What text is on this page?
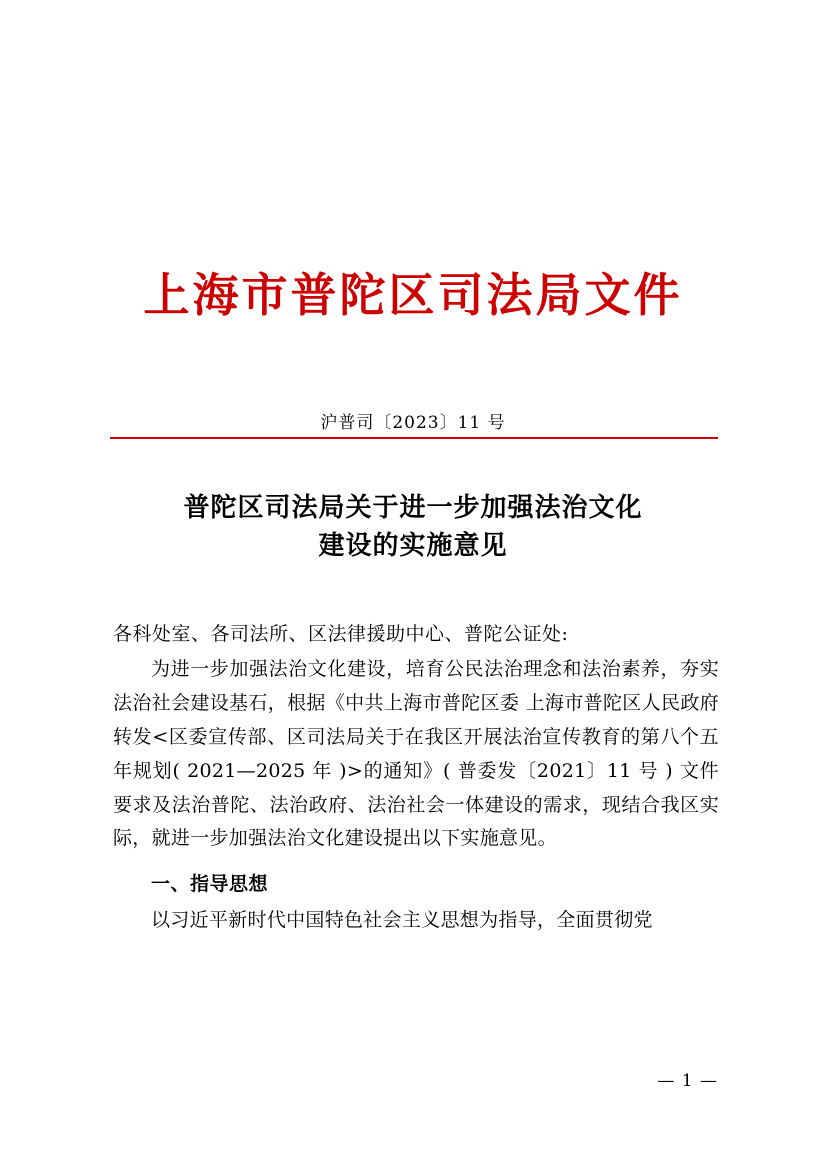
上海市普陀区司法局文件
沪普司〔2023〕11 号
普陀区司法局关于进一步加强法治文化
建设的实施意见

各科处室、各司法所、区法律援助中心、普陀公证处:

为进一步加强法治文化建设，培育公民法治理念和法治素养，夯实法治社会建设基石，根据《中共上海市普陀区委 上海市普陀区人民政府转发<区委宣传部、区司法局关于在我区开展法治宣传教育的第八个五年规划( 2021—2025 年 )>的通知》( 普委发〔2021〕11 号 ) 文件要求及法治普陀、法治政府、法治社会一体建设的需求，现结合我区实际，就进一步加强法治文化建设提出以下实施意见。

一、指导思想

以习近平新时代中国特色社会主义思想为指导，全面贯彻党

— 1 —
